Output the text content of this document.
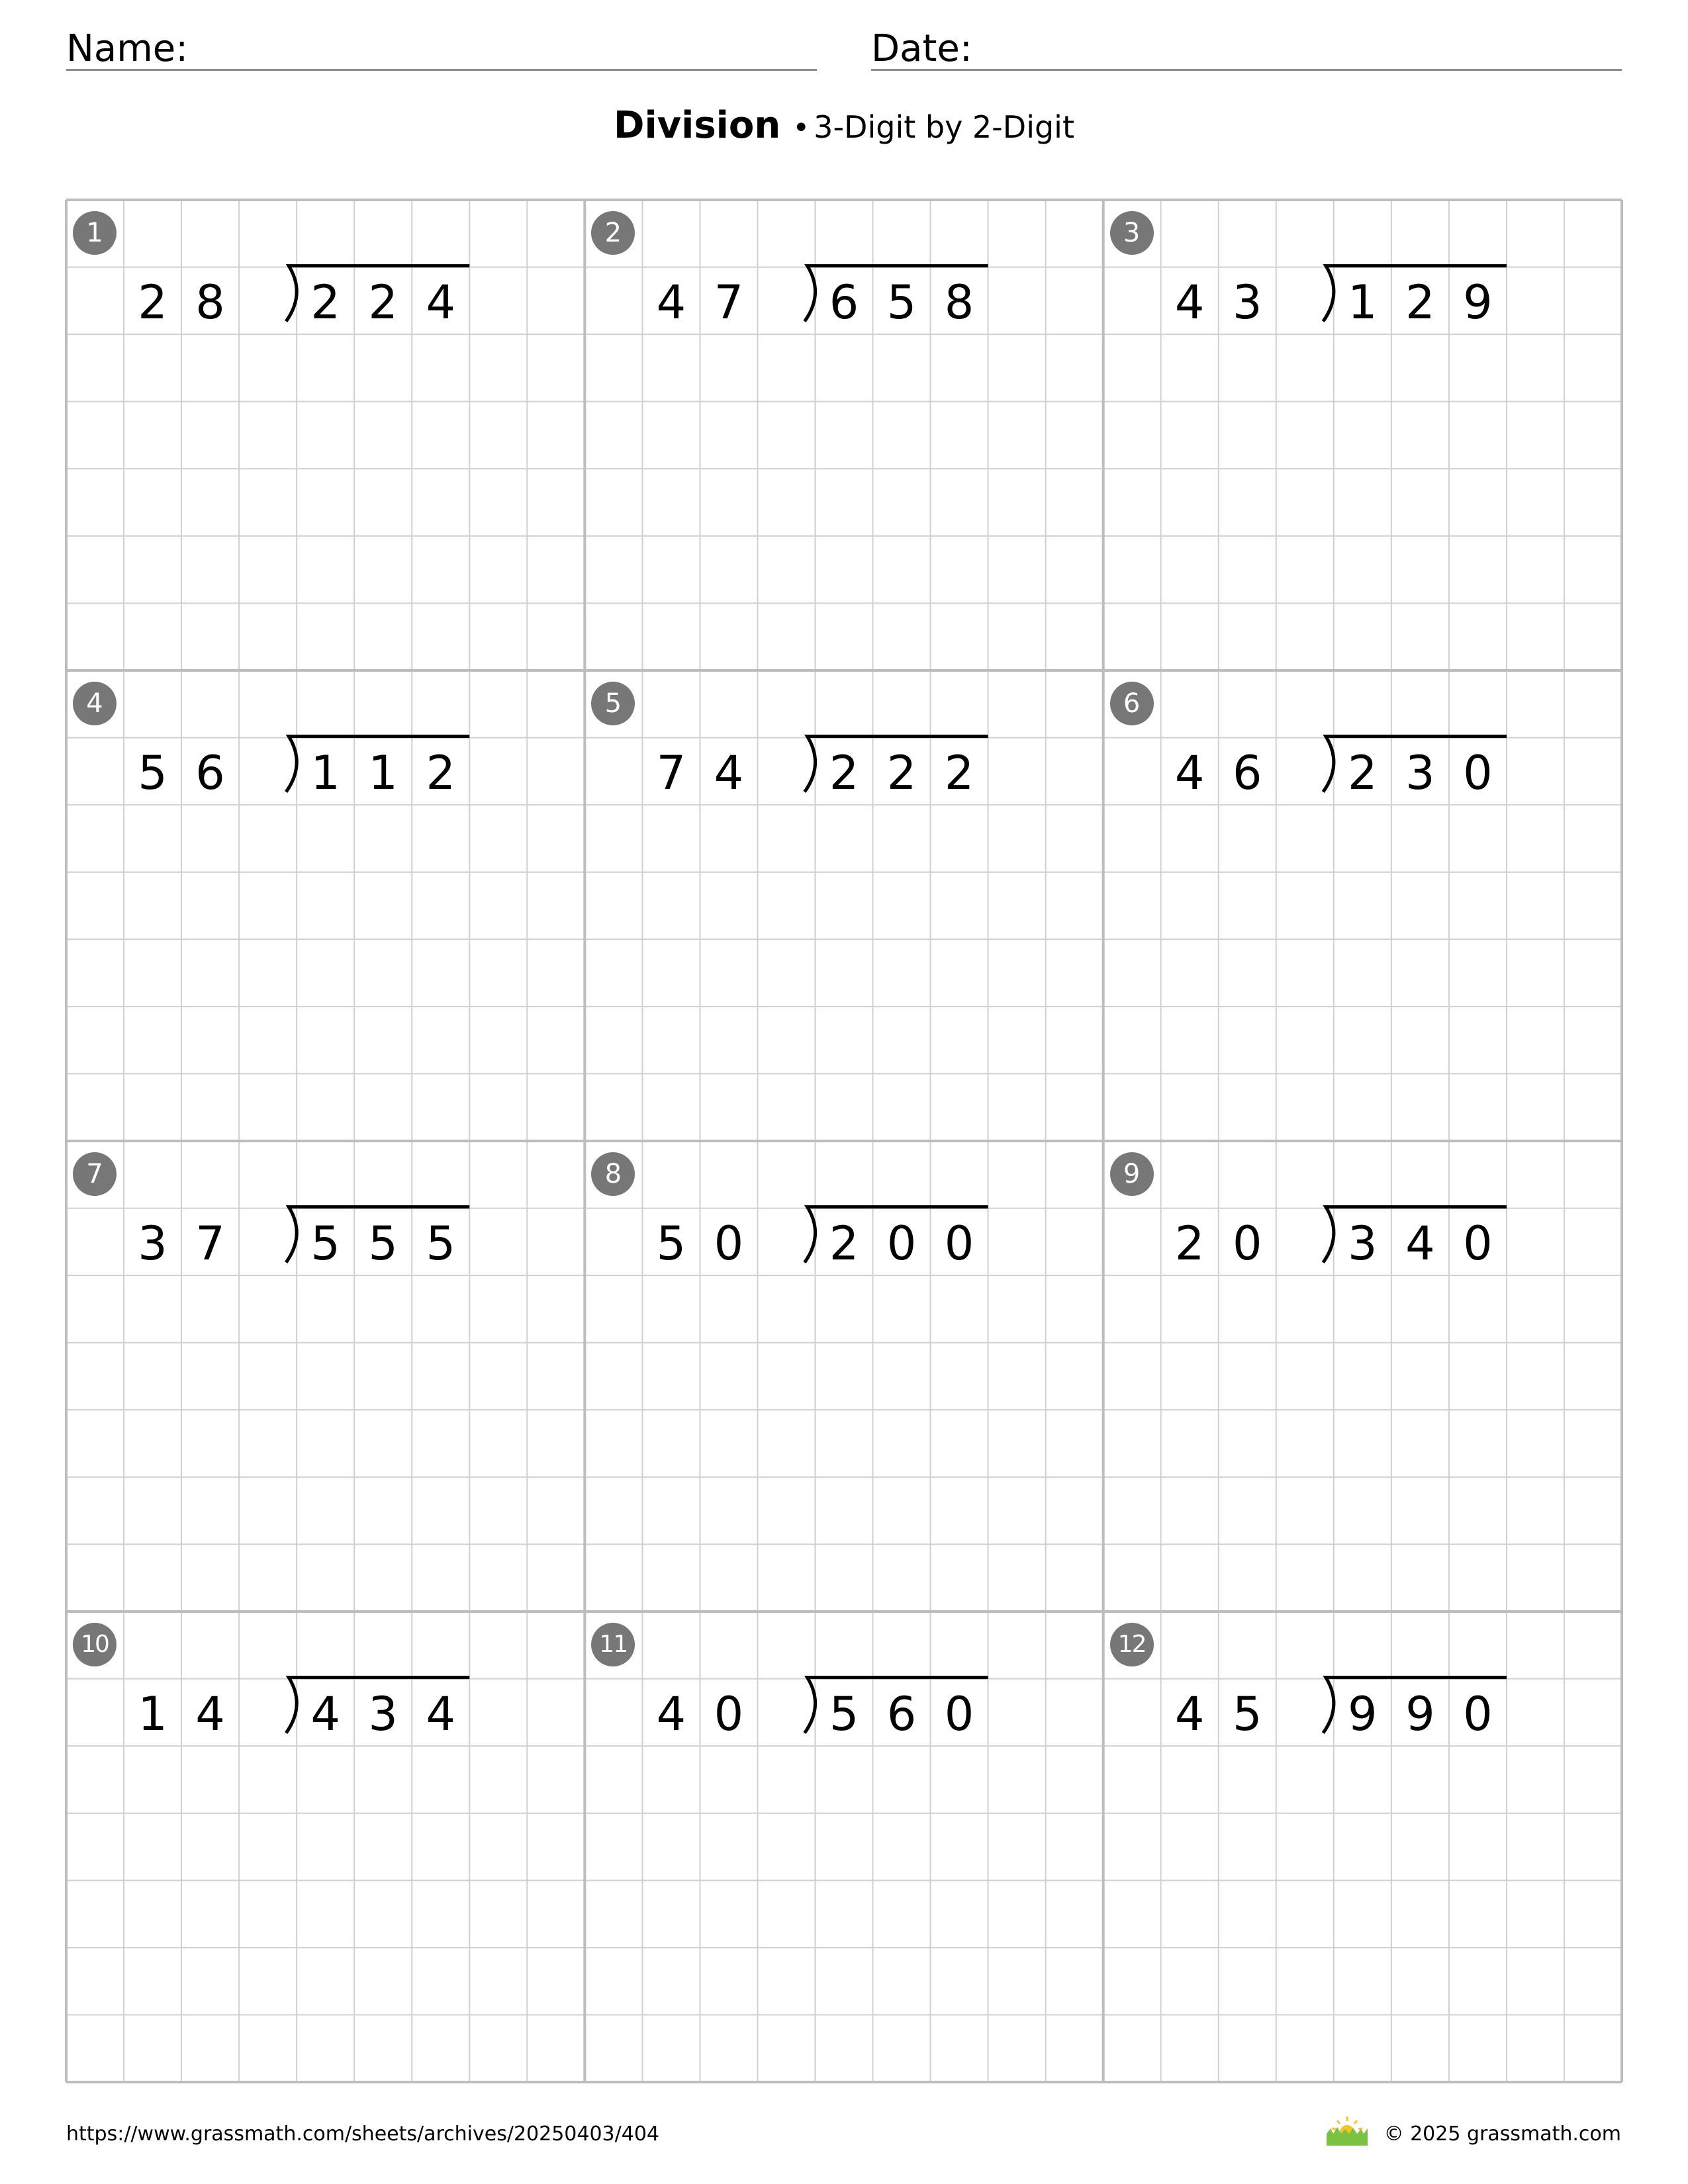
Name:	Date:
Division • 3-Digit by 2-Digit
1
2 8	2 2 4
2
4 7	6 5 8
3
4 3	1 2 9
4
5 6	1 1 2
5
7 4	2 2 2
6
4 6	2 3 0
7
3 7	5 5 5
8
5 0	2 0 0
9
2 0	3 4 0
10
1 4	4 3 4
11
4 0	5 6 0
12
4 5	9 9 0
https://www.grassmath.com/sheets/archives/20250403/404	© 2025 grassmath.com
